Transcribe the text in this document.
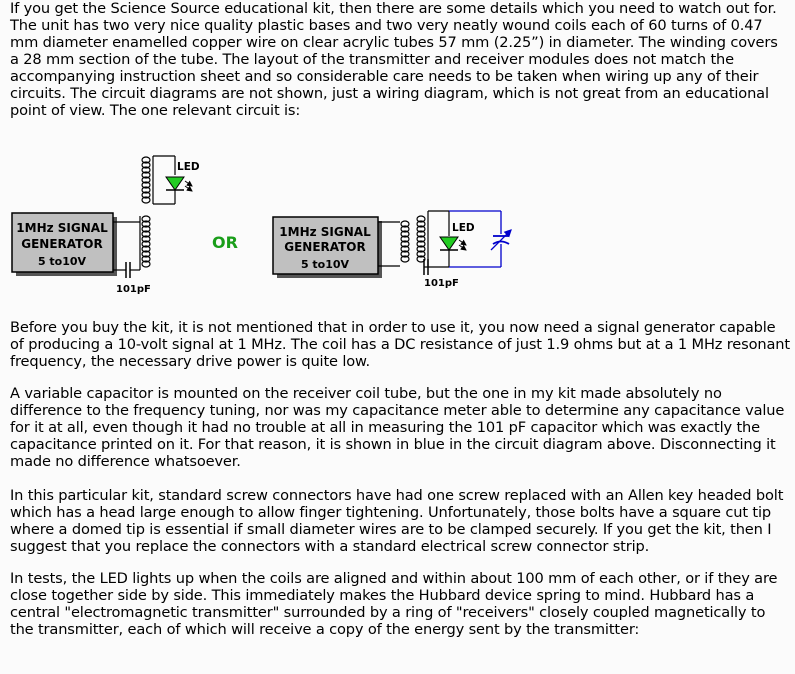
If you get the Science Source educational kit, then there are some details which you need to watch out for. The unit has two very nice quality plastic bases and two very neatly wound coils each of 60 turns of 0.47 mm diameter enamelled copper wire on clear acrylic tubes 57 mm (2.25”) in diameter. The winding covers a 28 mm section of the tube. The layout of the transmitter and receiver modules does not match the accompanying instruction sheet and so considerable care needs to be taken when wiring up any of their circuits. The circuit diagrams are not shown, just a wiring diagram, which is not great from an educational point of view. The one relevant circuit is:

1MHz SIGNAL
GENERATOR
5 to10V
101pF
LED
OR
1MHz SIGNAL
GENERATOR
5 to10V
101pF
LED

Before you buy the kit, it is not mentioned that in order to use it, you now need a signal generator capable of producing a 10-volt signal at 1 MHz. The coil has a DC resistance of just 1.9 ohms but at a 1 MHz resonant frequency, the necessary drive power is quite low.

A variable capacitor is mounted on the receiver coil tube, but the one in my kit made absolutely no difference to the frequency tuning, nor was my capacitance meter able to determine any capacitance value for it at all, even though it had no trouble at all in measuring the 101 pF capacitor which was exactly the capacitance printed on it. For that reason, it is shown in blue in the circuit diagram above. Disconnecting it made no difference whatsoever.

In this particular kit, standard screw connectors have had one screw replaced with an Allen key headed bolt which has a head large enough to allow finger tightening. Unfortunately, those bolts have a square cut tip where a domed tip is essential if small diameter wires are to be clamped securely. If you get the kit, then I suggest that you replace the connectors with a standard electrical screw connector strip.

In tests, the LED lights up when the coils are aligned and within about 100 mm of each other, or if they are close together side by side. This immediately makes the Hubbard device spring to mind. Hubbard has a central "electromagnetic transmitter" surrounded by a ring of "receivers" closely coupled magnetically to the transmitter, each of which will receive a copy of the energy sent by the transmitter:
